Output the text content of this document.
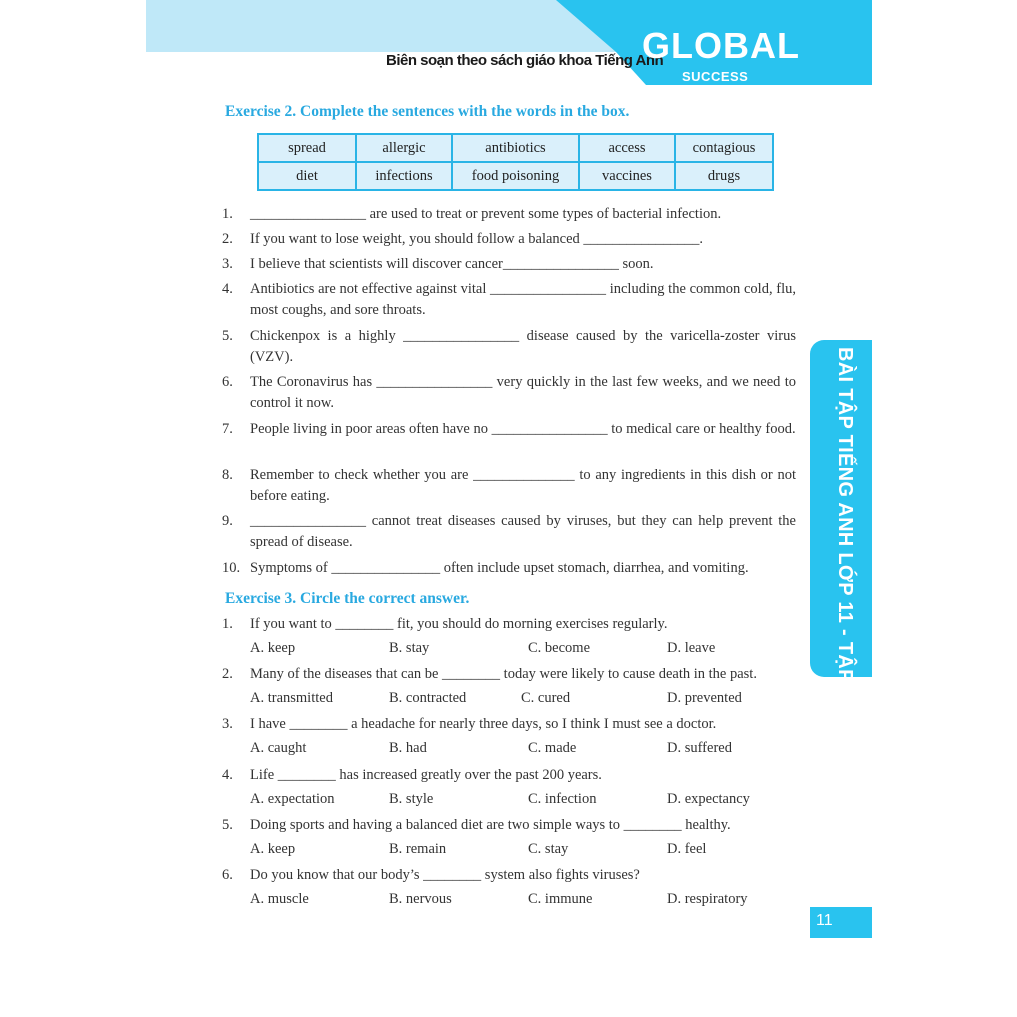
Biên soạn theo sách giáo khoa Tiếng Anh
GLOBAL
SUCCESS
Exercise 2. Complete the sentences with the words in the box.
spread	allergic	antibiotics	access	contagious
diet	infections	food poisoning	vaccines	drugs
1. ________________ are used to treat or prevent some types of bacterial infection.
2. If you want to lose weight, you should follow a balanced ________________.
3. I believe that scientists will discover cancer________________ soon.
4. Antibiotics are not effective against vital ________________ including the common cold, flu, most coughs, and sore throats.
5. Chickenpox is a highly ________________ disease caused by the varicella-zoster virus (VZV).
6. The Coronavirus has ________________ very quickly in the last few weeks, and we need to control it now.
7. People living in poor areas often have no ________________ to medical care or healthy food.
8. Remember to check whether you are ______________ to any ingredients in this dish or not before eating.
9. ________________ cannot treat diseases caused by viruses, but they can help prevent the spread of disease.
10. Symptoms of _______________ often include upset stomach, diarrhea, and vomiting.
Exercise 3. Circle the correct answer.
1. If you want to ________ fit, you should do morning exercises regularly.
A. keep	B. stay	C. become	D. leave
2. Many of the diseases that can be ________ today were likely to cause death in the past.
A. transmitted	B. contracted	C. cured	D. prevented
3. I have ________ a headache for nearly three days, so I think I must see a doctor.
A. caught	B. had	C. made	D. suffered
4. Life ________ has increased greatly over the past 200 years.
A. expectation	B. style	C. infection	D. expectancy
5. Doing sports and having a balanced diet are two simple ways to ________ healthy.
A. keep	B. remain	C. stay	D. feel
6. Do you know that our body’s ________ system also fights viruses?
A. muscle	B. nervous	C. immune	D. respiratory
BÀI TẬP TIẾNG ANH LỚP 11 - TẬP 1
11
